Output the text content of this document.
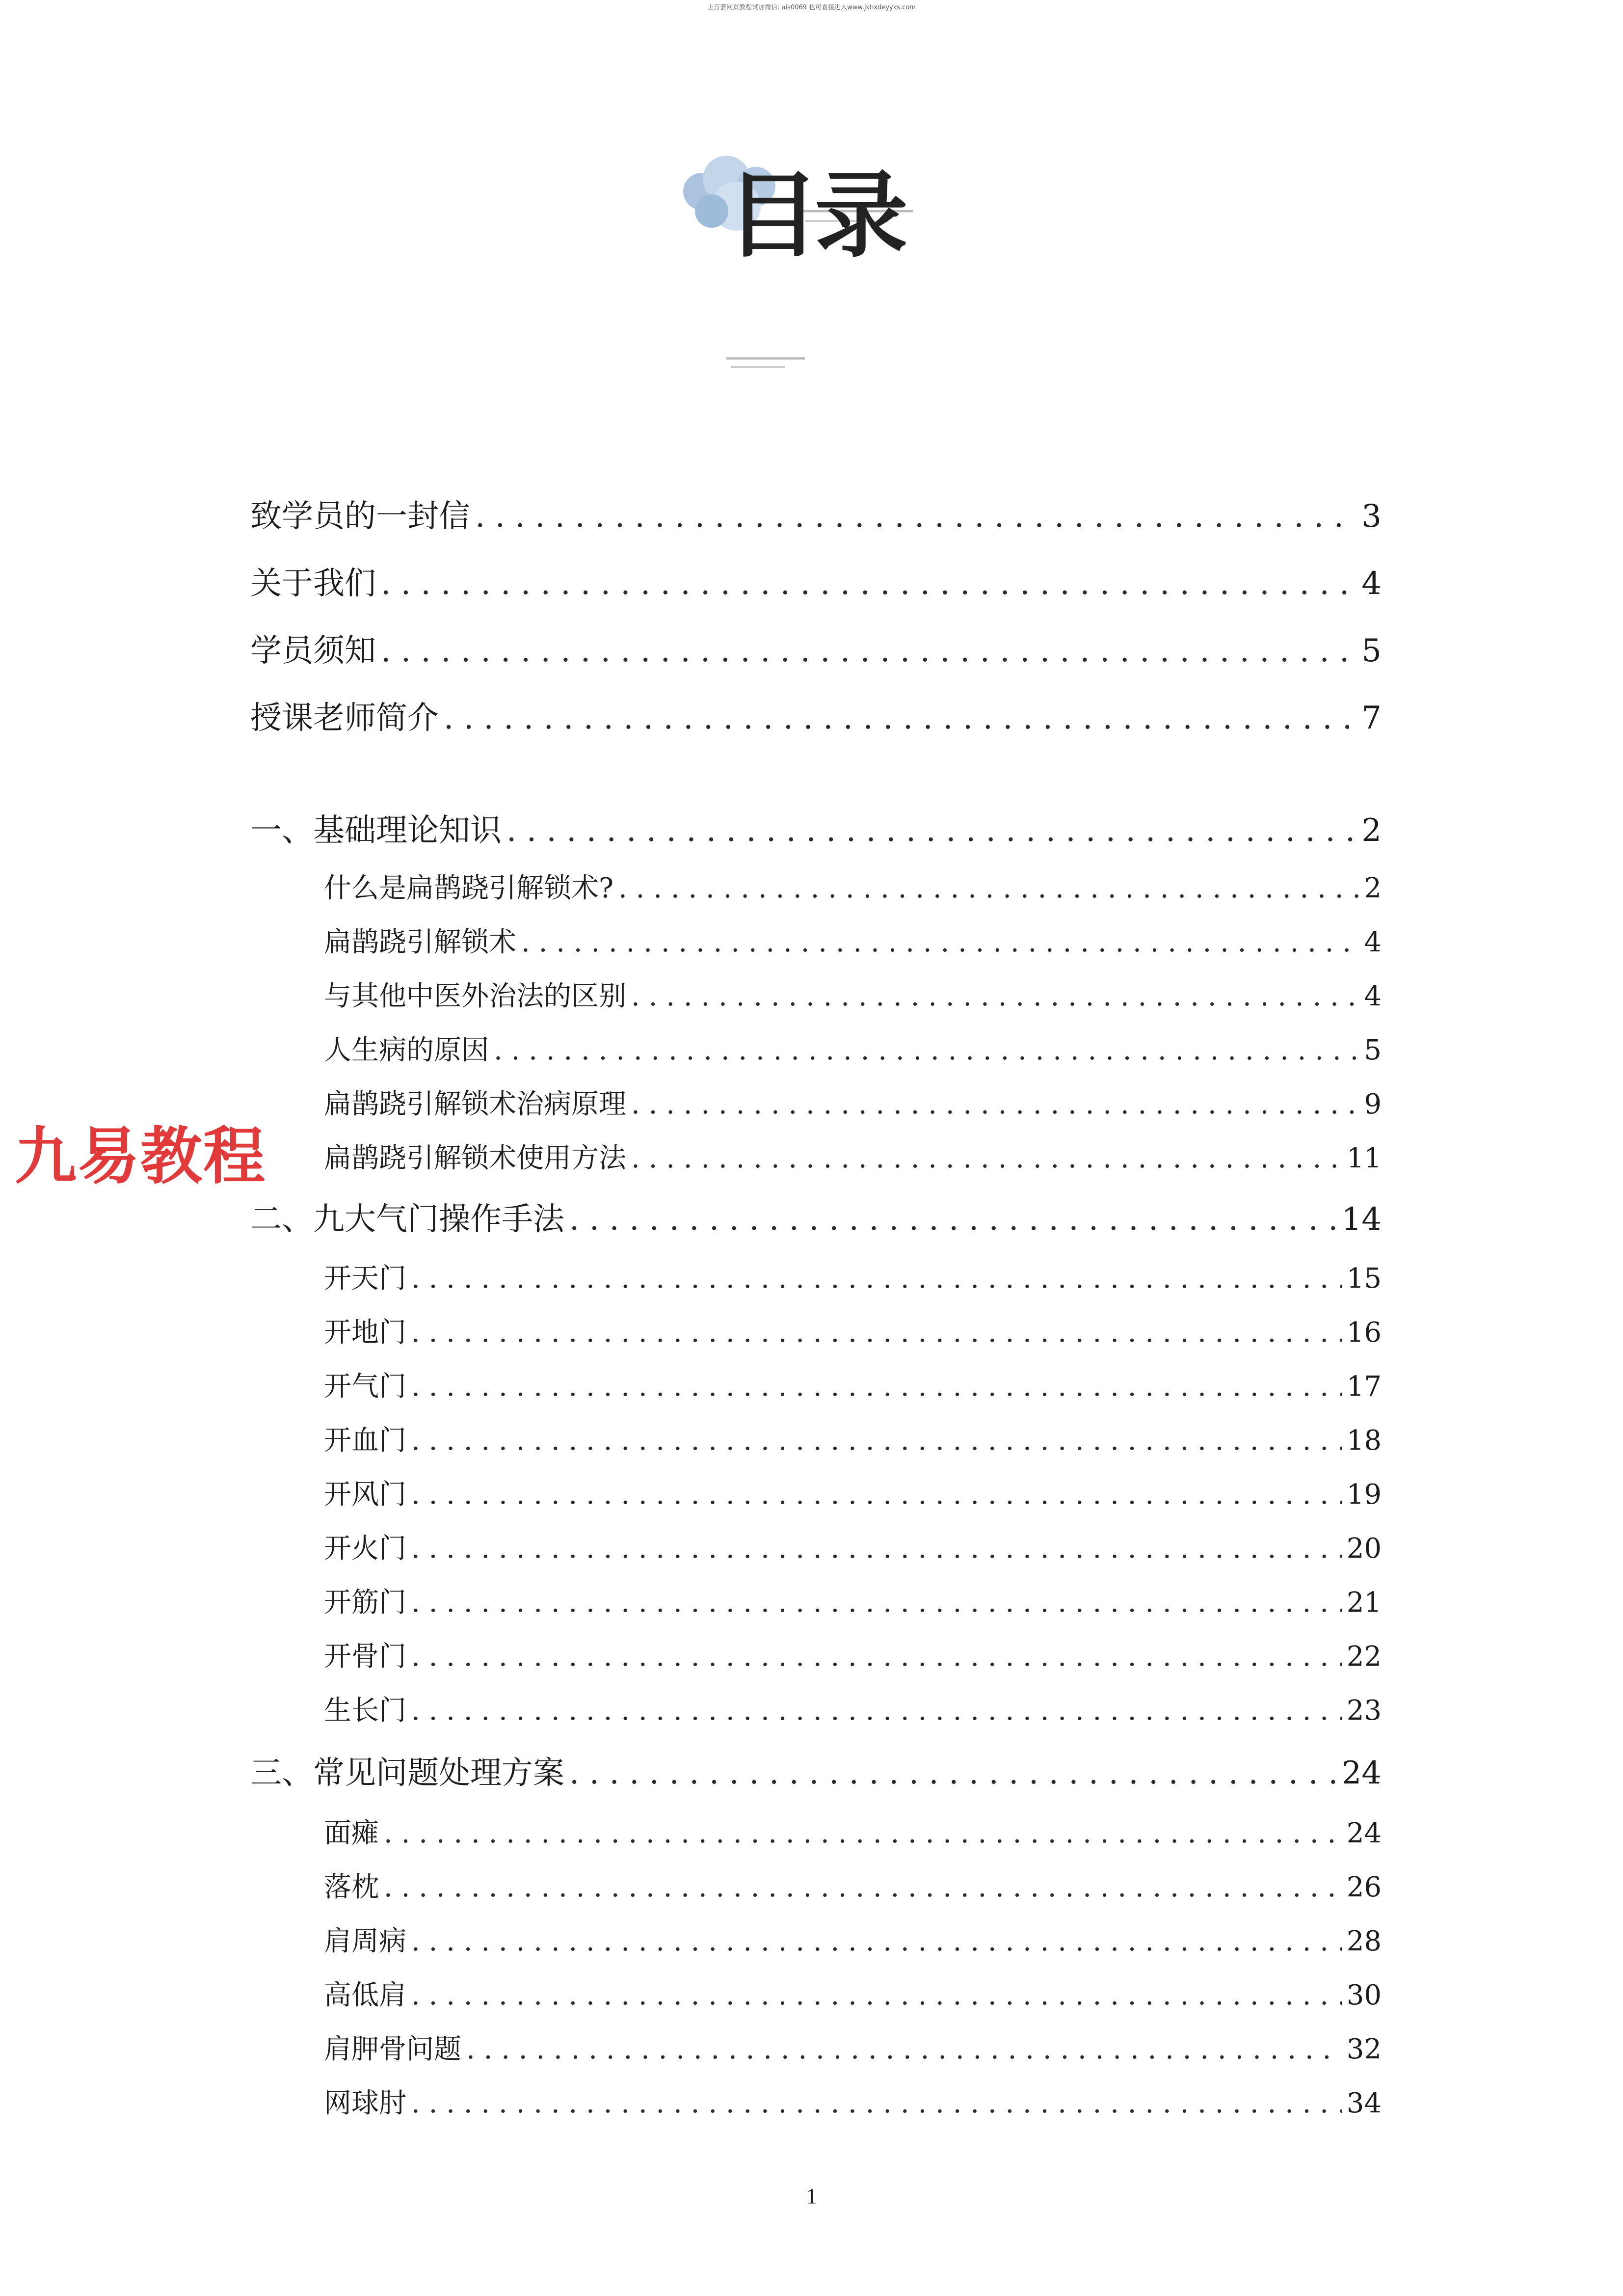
上万套网页教程试加微信: ais0069 也可直接进入www.jkhxdeyyks.com
目录
九易教程
致学员的一封信 . . .	3
关于我们 . . .	4
学员须知 . . .	5
授课老师简介 . . .	7
一、基础理论知识 . . .	2
什么是扁鹊跷引解锁术? . . .	2
扁鹊跷引解锁术 . . .	4
与其他中医外治法的区别 . . .	4
人生病的原因 . . .	5
扁鹊跷引解锁术治病原理 . . .	9
扁鹊跷引解锁术使用方法 . . .	11
二、九大气门操作手法 . . .	14
开天门 . . .	15
开地门 . . .	16
开气门 . . .	17
开血门 . . .	18
开风门 . . .	19
开火门 . . .	20
开筋门 . . .	21
开骨门 . . .	22
生长门 . . .	23
三、常见问题处理方案 . . .	24
面瘫 . . .	24
落枕 . . .	26
肩周病 . . .	28
高低肩 . . .	30
肩胛骨问题 . . .	32
网球肘 . . .	34
1
